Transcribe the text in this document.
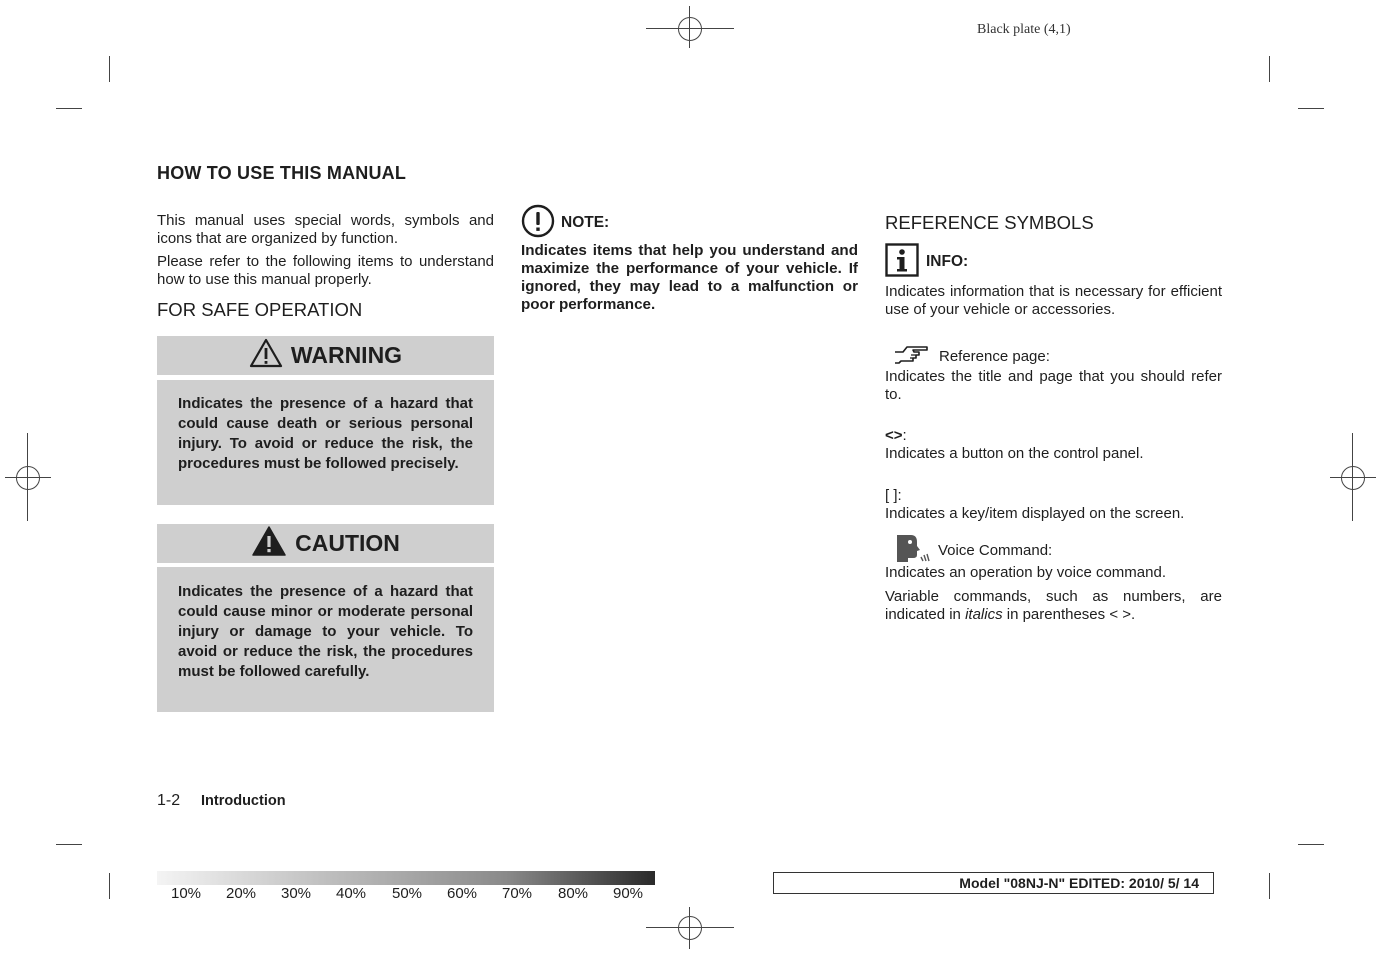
Black plate (4,1)
HOW TO USE THIS MANUAL

This manual uses special words, symbols and icons that are organized by function.

Please refer to the following items to understand how to use this manual properly.

FOR SAFE OPERATION

WARNING

Indicates the presence of a hazard that could cause death or serious personal injury. To avoid or reduce the risk, the procedures must be followed precisely.

CAUTION

Indicates the presence of a hazard that could cause minor or moderate personal injury or damage to your vehicle. To avoid or reduce the risk, the procedures must be followed carefully.

NOTE:

Indicates items that help you understand and maximize the performance of your vehicle. If ignored, they may lead to a malfunction or poor performance.

REFERENCE SYMBOLS

INFO:

Indicates information that is necessary for efficient use of your vehicle or accessories.

Reference page:

Indicates the title and page that you should refer to.

<>:

Indicates a button on the control panel.

[ ]:

Indicates a key/item displayed on the screen.

Voice Command:

Indicates an operation by voice command.

Variable commands, such as numbers, are indicated in italics in parentheses < >.

1-2 Introduction
10% 20% 30% 40% 50% 60% 70% 80% 90%
Model "08NJ-N" EDITED: 2010/ 5/ 14
